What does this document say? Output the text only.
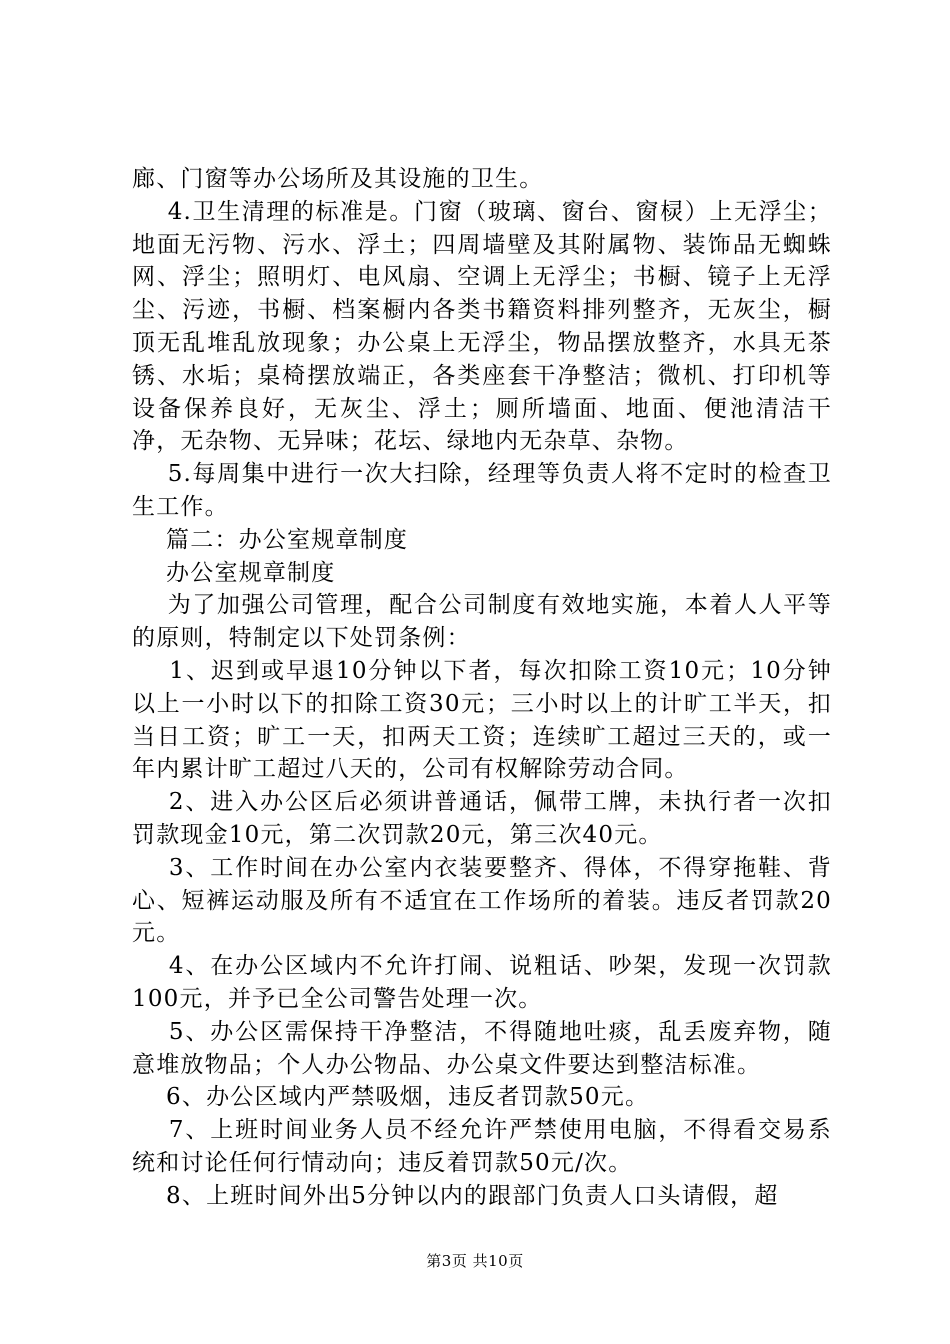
廊、门窗等办公场所及其设施的卫生。

4.卫生清理的标准是。门窗（玻璃、窗台、窗棂）上无浮尘；地面无污物、污水、浮土；四周墙壁及其附属物、装饰品无蜘蛛网、浮尘；照明灯、电风扇、空调上无浮尘；书橱、镜子上无浮尘、污迹，书橱、档案橱内各类书籍资料排列整齐，无灰尘，橱顶无乱堆乱放现象；办公桌上无浮尘，物品摆放整齐，水具无茶锈、水垢；桌椅摆放端正，各类座套干净整洁；微机、打印机等设备保养良好，无灰尘、浮土；厕所墙面、地面、便池清洁干净，无杂物、无异味；花坛、绿地内无杂草、杂物。

5.每周集中进行一次大扫除，经理等负责人将不定时的检查卫生工作。

篇二：办公室规章制度

办公室规章制度

为了加强公司管理，配合公司制度有效地实施，本着人人平等的原则，特制定以下处罚条例：

1、迟到或早退10分钟以下者，每次扣除工资10元；10分钟以上一小时以下的扣除工资30元；三小时以上的计旷工半天，扣当日工资；旷工一天，扣两天工资；连续旷工超过三天的，或一年内累计旷工超过八天的，公司有权解除劳动合同。

2、进入办公区后必须讲普通话，佩带工牌，未执行者一次扣罚款现金10元，第二次罚款20元，第三次40元。

3、工作时间在办公室内衣装要整齐、得体，不得穿拖鞋、背心、短裤运动服及所有不适宜在工作场所的着装。违反者罚款20元。

4、在办公区域内不允许打闹、说粗话、吵架，发现一次罚款100元，并予已全公司警告处理一次。

5、办公区需保持干净整洁，不得随地吐痰，乱丢废弃物，随意堆放物品；个人办公物品、办公桌文件要达到整洁标准。

6、办公区域内严禁吸烟，违反者罚款50元。

7、上班时间业务人员不经允许严禁使用电脑，不得看交易系统和讨论任何行情动向；违反着罚款50元/次。

8、上班时间外出5分钟以内的跟部门负责人口头请假，超

第3页 共10页
